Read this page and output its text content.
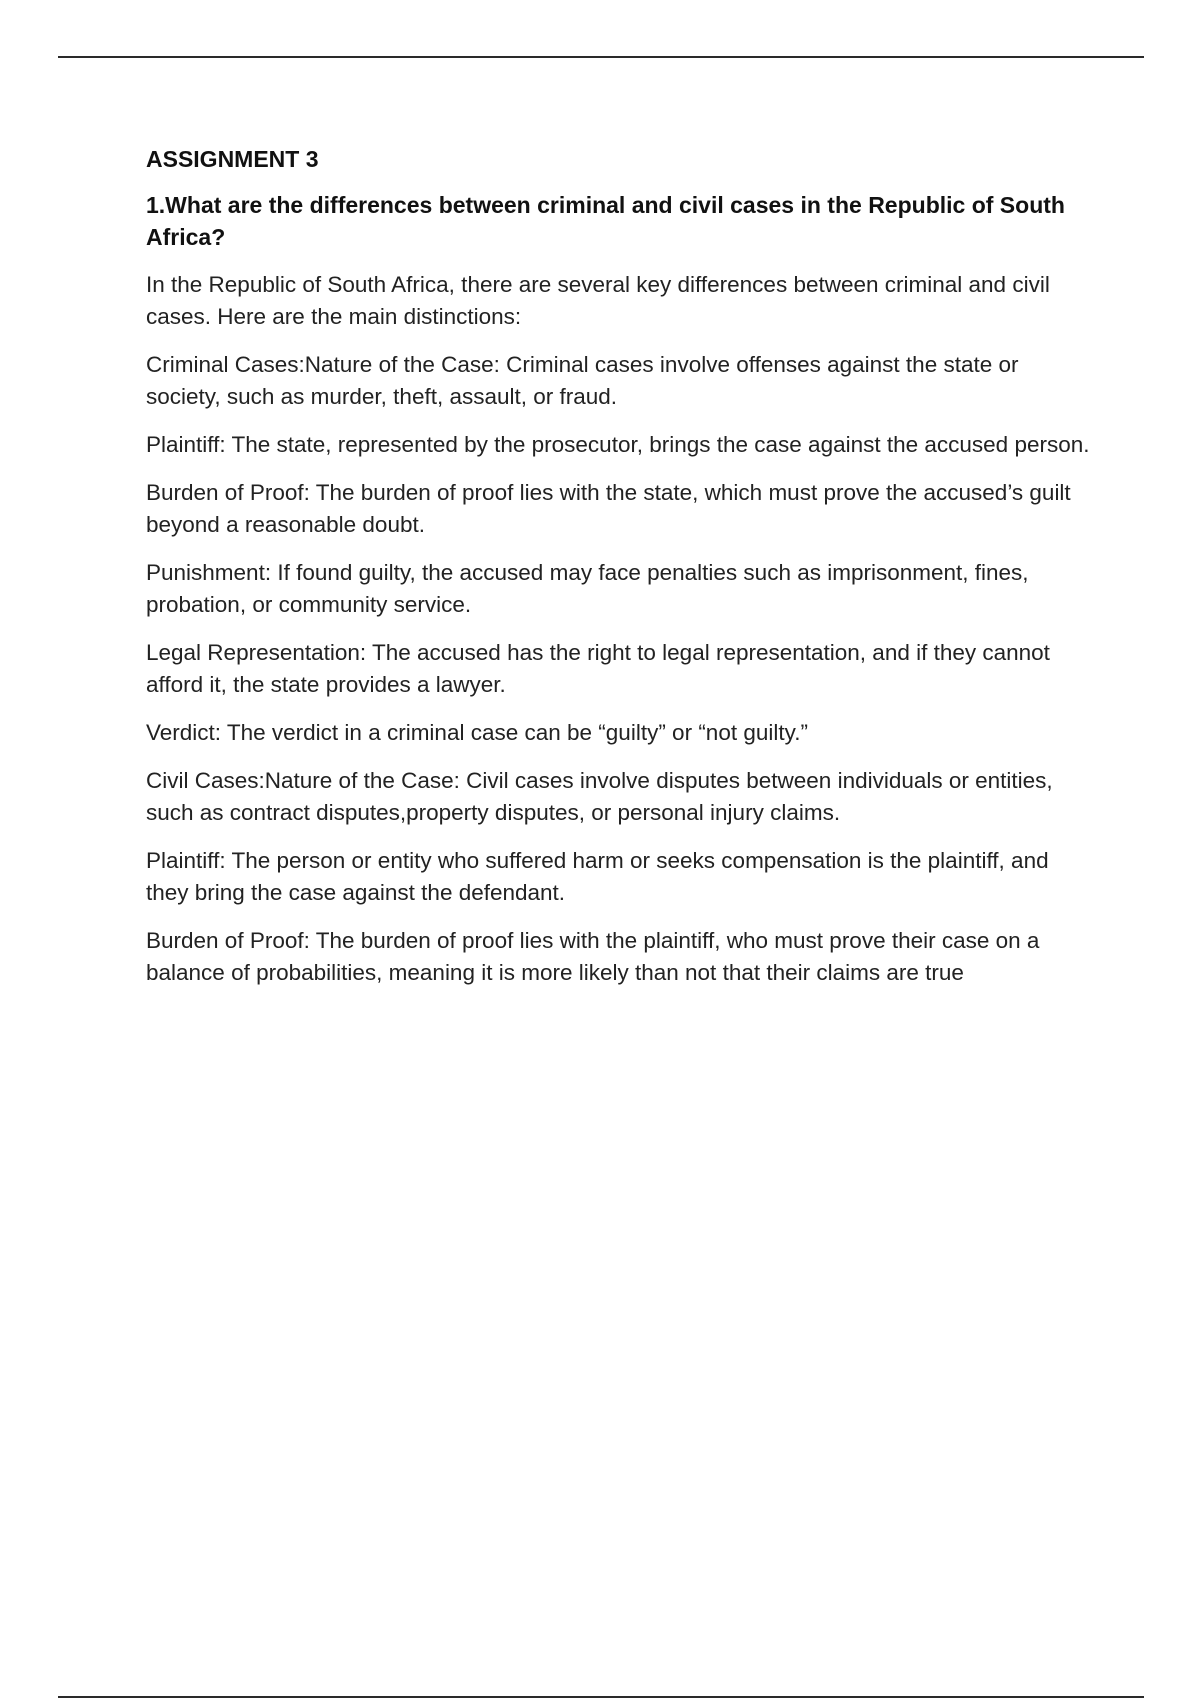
ASSIGNMENT 3
1.What are the differences between criminal and civil cases in the Republic of South Africa?

In the Republic of South Africa, there are several key differences between criminal and civil cases. Here are the main distinctions:

Criminal Cases:Nature of the Case: Criminal cases involve offenses against the state or society, such as murder, theft, assault, or fraud.

Plaintiff: The state, represented by the prosecutor, brings the case against the accused person.

Burden of Proof: The burden of proof lies with the state, which must prove the accused’s guilt beyond a reasonable doubt.

Punishment: If found guilty, the accused may face penalties such as imprisonment, fines, probation, or community service.

Legal Representation: The accused has the right to legal representation, and if they cannot afford it, the state provides a lawyer.

Verdict: The verdict in a criminal case can be “guilty” or “not guilty.”

Civil Cases:Nature of the Case: Civil cases involve disputes between individuals or entities, such as contract disputes,property disputes, or personal injury claims.

Plaintiff: The person or entity who suffered harm or seeks compensation is the plaintiff, and they bring the case against the defendant.

Burden of Proof: The burden of proof lies with the plaintiff, who must prove their case on a balance of probabilities, meaning it is more likely than not that their claims are true
